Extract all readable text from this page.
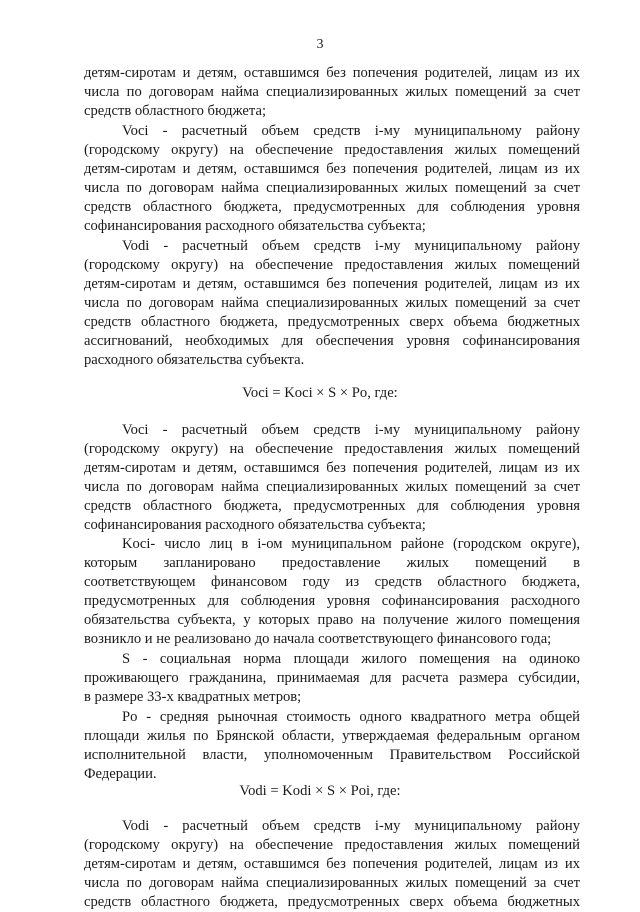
3
детям-сиротам и детям, оставшимся без попечения родителей, лицам из их
числа по договорам найма специализированных жилых помещений за счет
средств областного бюджета;
Voci - расчетный объем средств i-му муниципальному району
(городскому округу) на обеспечение предоставления жилых помещений
детям-сиротам и детям, оставшимся без попечения родителей, лицам из их
числа по договорам найма специализированных жилых помещений за счет
средств областного бюджета, предусмотренных для соблюдения уровня
софинансирования расходного обязательства субъекта;
Vodi - расчетный объем средств i-му муниципальному району
(городскому округу) на обеспечение предоставления жилых помещений
детям-сиротам и детям, оставшимся без попечения родителей, лицам из их
числа по договорам найма специализированных жилых помещений за счет
средств областного бюджета, предусмотренных сверх объема бюджетных
ассигнований, необходимых для обеспечения уровня софинансирования
расходного обязательства субъекта.
Voci = Koci × S × Po, где:
Voci - расчетный объем средств i-му муниципальному району
(городскому округу) на обеспечение предоставления жилых помещений
детям-сиротам и детям, оставшимся без попечения родителей, лицам из их
числа по договорам найма специализированных жилых помещений за счет
средств областного бюджета, предусмотренных для соблюдения уровня
софинансирования расходного обязательства субъекта;
Koci- число лиц в i-ом муниципальном районе (городском округе),
которым запланировано предоставление жилых помещений в
соответствующем финансовом году из средств областного бюджета,
предусмотренных для соблюдения уровня софинансирования расходного
обязательства субъекта, у которых право на получение жилого помещения
возникло и не реализовано до начала соответствующего финансового года;
S - социальная норма площади жилого помещения на одиноко
проживающего гражданина, принимаемая для расчета размера субсидии,
в размере 33-х квадратных метров;
Po - средняя рыночная стоимость одного квадратного метра общей
площади жилья по Брянской области, утверждаемая федеральным органом
исполнительной власти, уполномоченным Правительством Российской
Федерации.
Vodi = Kodi × S × Poi, где:
Vodi - расчетный объем средств i-му муниципальному району
(городскому округу) на обеспечение предоставления жилых помещений
детям-сиротам и детям, оставшимся без попечения родителей, лицам из их
числа по договорам найма специализированных жилых помещений за счет
средств областного бюджета, предусмотренных сверх объема бюджетных
